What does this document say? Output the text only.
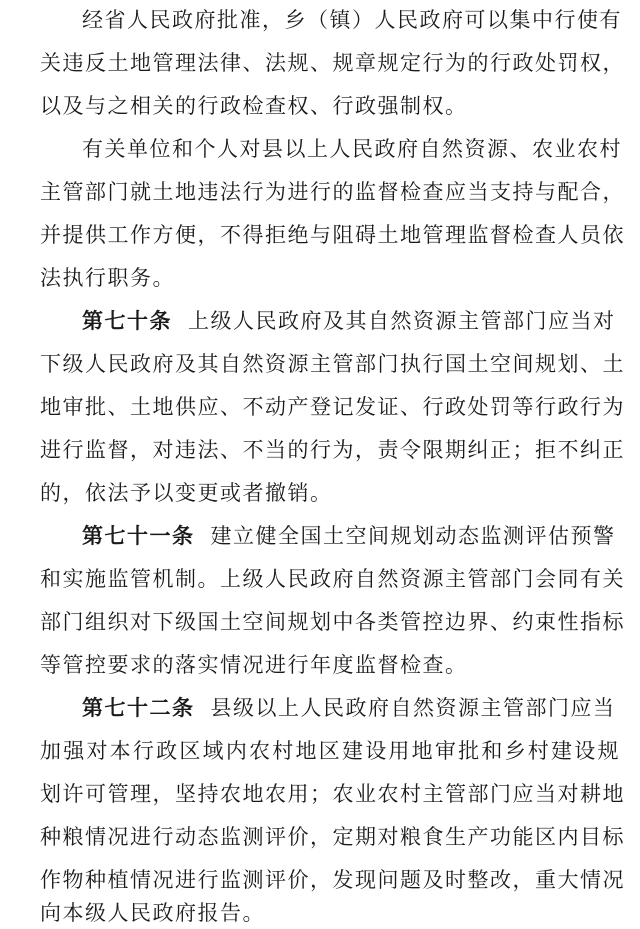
经省人民政府批准，乡（镇）人民政府可以集中行使有
关违反土地管理法律、法规、规章规定行为的行政处罚权，
以及与之相关的行政检查权、行政强制权。
有关单位和个人对县以上人民政府自然资源、农业农村
主管部门就土地违法行为进行的监督检查应当支持与配合，
并提供工作方便，不得拒绝与阻碍土地管理监督检查人员依
法执行职务。
第七十条 上级人民政府及其自然资源主管部门应当对
下级人民政府及其自然资源主管部门执行国土空间规划、土
地审批、土地供应、不动产登记发证、行政处罚等行政行为
进行监督，对违法、不当的行为，责令限期纠正；拒不纠正
的，依法予以变更或者撤销。
第七十一条 建立健全国土空间规划动态监测评估预警
和实施监管机制。上级人民政府自然资源主管部门会同有关
部门组织对下级国土空间规划中各类管控边界、约束性指标
等管控要求的落实情况进行年度监督检查。
第七十二条 县级以上人民政府自然资源主管部门应当
加强对本行政区域内农村地区建设用地审批和乡村建设规
划许可管理，坚持农地农用；农业农村主管部门应当对耕地
种粮情况进行动态监测评价，定期对粮食生产功能区内目标
作物种植情况进行监测评价，发现问题及时整改，重大情况
向本级人民政府报告。
